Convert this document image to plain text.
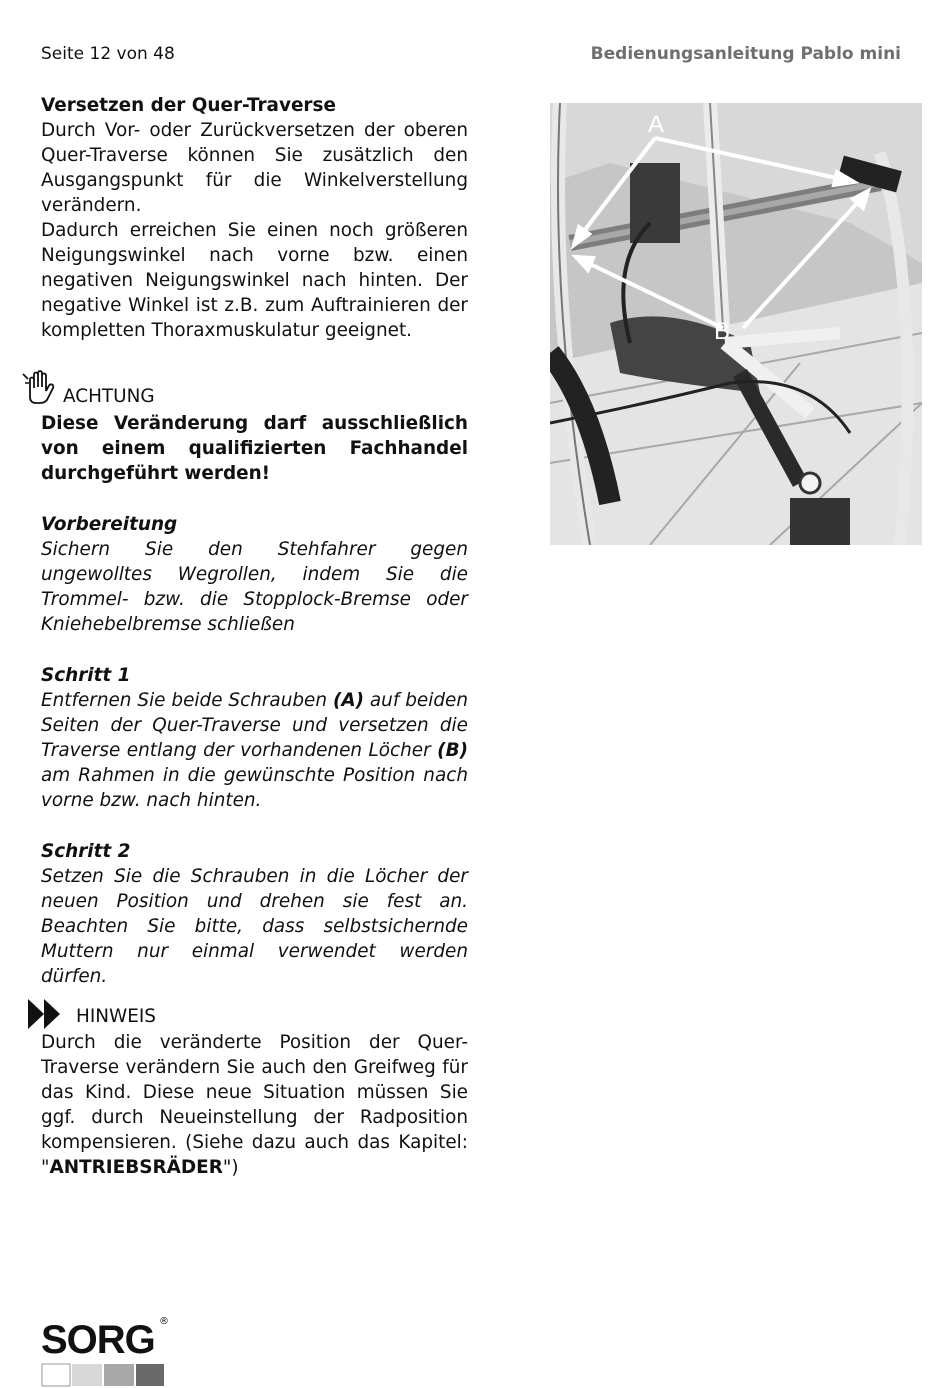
Seite 12 von 48	Bedienungsanleitung Pablo mini

Versetzen der Quer-Traverse

Durch Vor- oder Zurückversetzen der oberen Quer-Traverse können Sie zusätzlich den Ausgangspunkt für die Winkelverstellung verändern.

Dadurch erreichen Sie einen noch größeren Neigungswinkel nach vorne bzw. einen negativen Neigungswinkel nach hinten. Der negative Winkel ist z.B. zum Auftrainieren der kompletten Thoraxmuskulatur geeignet.

ACHTUNG

Diese Veränderung darf ausschließlich von einem qualifizierten Fachhandel durchgeführt werden!

Vorbereitung

Sichern Sie den Stehfahrer gegen ungewolltes Wegrollen, indem Sie die Trommel- bzw. die Stopplock-Bremse oder Kniehebelbremse schließen

Schritt 1

Entfernen Sie beide Schrauben (A) auf beiden Seiten der Quer-Traverse und versetzen die Traverse entlang der vorhandenen Löcher (B) am Rahmen in die gewünschte Position nach vorne bzw. nach hinten.

Schritt 2

Setzen Sie die Schrauben in die Löcher der neuen Position und drehen sie fest an. Beachten Sie bitte, dass selbstsichernde Muttern nur einmal verwendet werden dürfen.

HINWEIS

Durch die veränderte Position der Quer-Traverse verändern Sie auch den Greifweg für das Kind. Diese neue Situation müssen Sie ggf. durch Neueinstellung der Radposition kompensieren. (Siehe dazu auch das Kapitel: "ANTRIEBSRÄDER")

A
B
SORG ®
